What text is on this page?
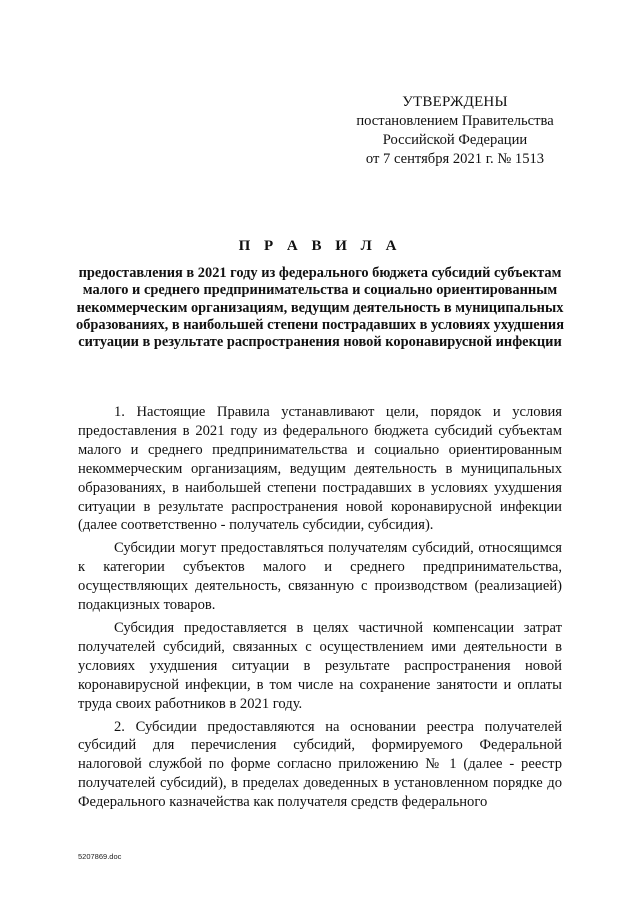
УТВЕРЖДЕНЫ
постановлением Правительства
Российской Федерации
от 7 сентября 2021 г. № 1513
П Р А В И Л А
предоставления в 2021 году из федерального бюджета субсидий субъектам малого и среднего предпринимательства и социально ориентированным некоммерческим организациям, ведущим деятельность в муниципальных образованиях, в наибольшей степени пострадавших в условиях ухудшения ситуации в результате распространения новой коронавирусной инфекции

1. Настоящие Правила устанавливают цели, порядок и условия предоставления в 2021 году из федерального бюджета субсидий субъектам малого и среднего предпринимательства и социально ориентированным некоммерческим организациям, ведущим деятельность в муниципальных образованиях, в наибольшей степени пострадавших в условиях ухудшения ситуации в результате распространения новой коронавирусной инфекции (далее соответственно - получатель субсидии, субсидия).

Субсидии могут предоставляться получателям субсидий, относящимся к категории субъектов малого и среднего предпринимательства, осуществляющих деятельность, связанную с производством (реализацией) подакцизных товаров.

Субсидия предоставляется в целях частичной компенсации затрат получателей субсидий, связанных с осуществлением ими деятельности в условиях ухудшения ситуации в результате распространения новой коронавирусной инфекции, в том числе на сохранение занятости и оплаты труда своих работников в 2021 году.

2. Субсидии предоставляются на основании реестра получателей субсидий для перечисления субсидий, формируемого Федеральной налоговой службой по форме согласно приложению № 1 (далее - реестр получателей субсидий), в пределах доведенных в установленном порядке до Федерального казначейства как получателя средств федерального

5207869.doc
